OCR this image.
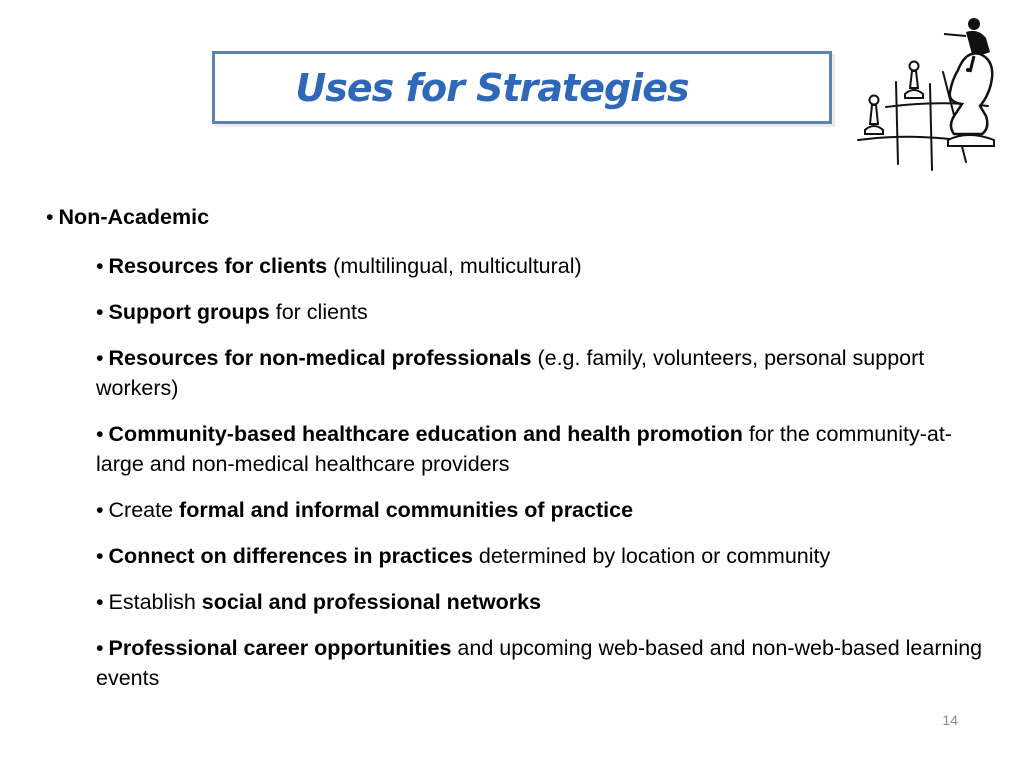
Uses for Strategies
• Non-Academic
• Resources for clients (multilingual, multicultural)
• Support groups for clients
• Resources for non-medical professionals (e.g. family, volunteers, personal support workers)
• Community-based healthcare education and health promotion for the community-at-large and non-medical healthcare providers
• Create formal and informal communities of practice
• Connect on differences in practices determined by location or community
• Establish social and professional networks
• Professional career opportunities and upcoming web-based and non-web-based learning events
14
